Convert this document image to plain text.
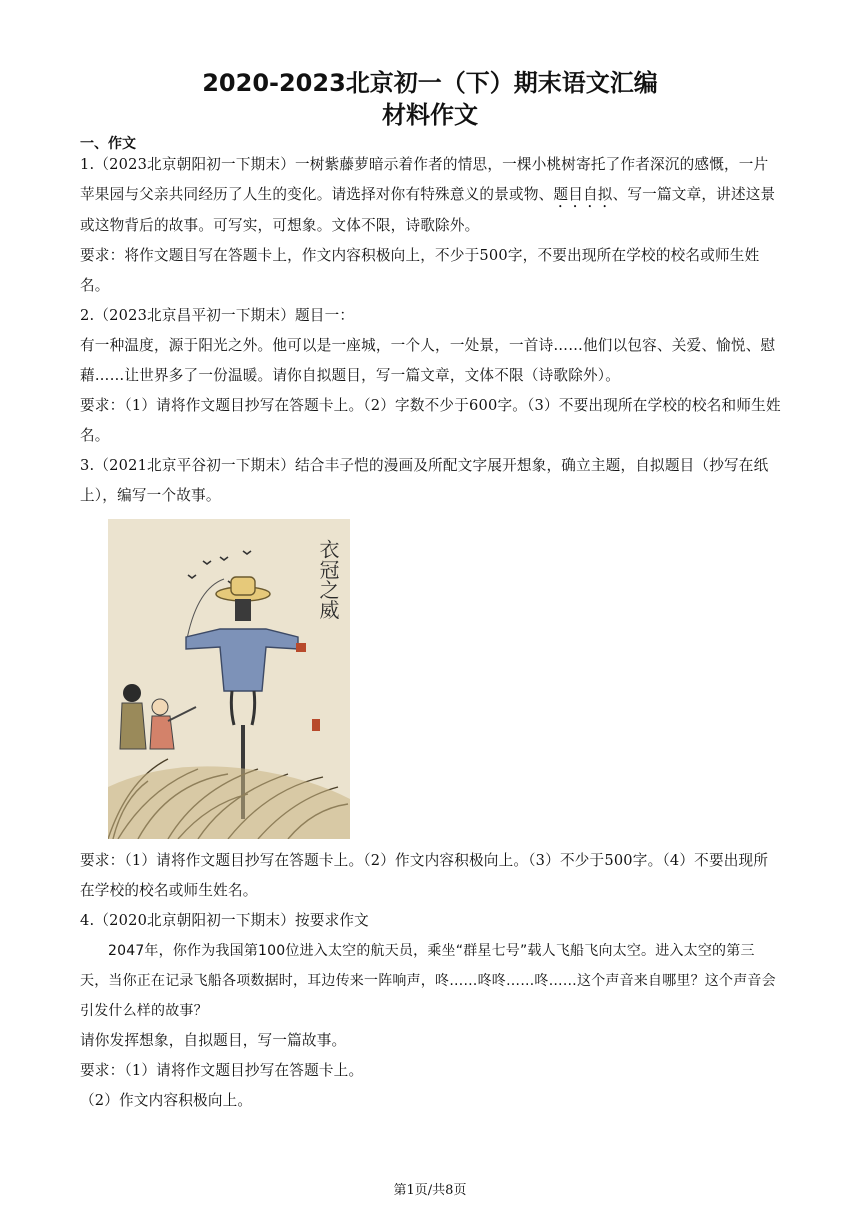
2020-2023北京初一（下）期末语文汇编
材料作文
一、作文

1.（2023北京朝阳初一下期末）一树紫藤萝暗示着作者的情思，一棵小桃树寄托了作者深沉的感慨，一片苹果园与父亲共同经历了人生的变化。请选择对你有特殊意义的景或物、题目自拟、写一篇文章，讲述这景或这物背后的故事。可写实，可想象。文体不限，诗歌除外。

要求：将作文题目写在答题卡上，作文内容积极向上，不少于500字，不要出现所在学校的校名或师生姓名。

2.（2023北京昌平初一下期末）题目一：

有一种温度，源于阳光之外。他可以是一座城，一个人，一处景，一首诗……他们以包容、关爱、愉悦、慰藉……让世界多了一份温暖。请你自拟题目，写一篇文章，文体不限（诗歌除外）。

要求：（1）请将作文题目抄写在答题卡上。（2）字数不少于600字。（3）不要出现所在学校的校名和师生姓名。

3.（2021北京平谷初一下期末）结合丰子恺的漫画及所配文字展开想象，确立主题，自拟题目（抄写在纸上），编写一个故事。

衣冠之威

要求：（1）请将作文题目抄写在答题卡上。（2）作文内容积极向上。（3）不少于500字。（4）不要出现所在学校的校名或师生姓名。

4.（2020北京朝阳初一下期末）按要求作文

2047年，你作为我国第100位进入太空的航天员，乘坐“群星七号”载人飞船飞向太空。进入太空的第三天，当你正在记录飞船各项数据时，耳边传来一阵响声，咚……咚咚……咚……这个声音来自哪里？这个声音会引发什么样的故事？

请你发挥想象，自拟题目，写一篇故事。

要求：（1）请将作文题目抄写在答题卡上。

（2）作文内容积极向上。

第1页/共8页
